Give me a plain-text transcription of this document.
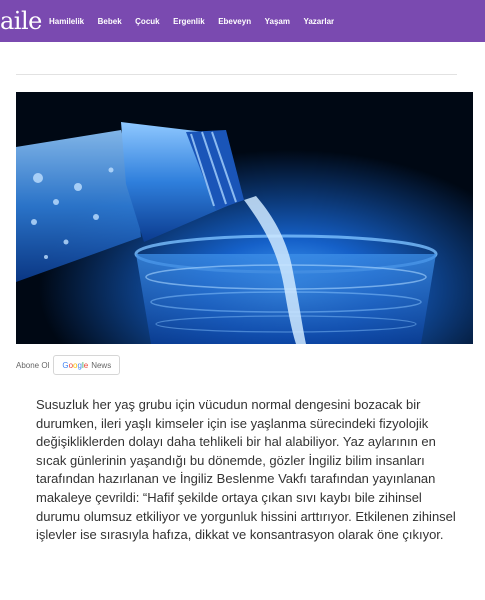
aile Hamilelik Bebek Çocuk Ergenlik Ebeveyn Yaşam Yazarlar
Abone Ol Google News

Susuzluk her yaş grubu için vücudun normal dengesini bozacak bir durumken, ileri yaşlı kimseler için ise yaşlanma sürecindeki fizyolojik değişikliklerden dolayı daha tehlikeli bir hal alabiliyor. Yaz aylarının en sıcak günlerinin yaşandığı bu dönemde, gözler İngiliz bilim insanları tarafından hazırlanan ve İngiliz Beslenme Vakfı tarafından yayınlanan makaleye çevrildi: “Hafif şekilde ortaya çıkan sıvı kaybı bile zihinsel durumu olumsuz etkiliyor ve yorgunluk hissini arttırıyor. Etkilenen zihinsel işlevler ise sırasıyla hafıza, dikkat ve konsantrasyon olarak öne çıkıyor.
